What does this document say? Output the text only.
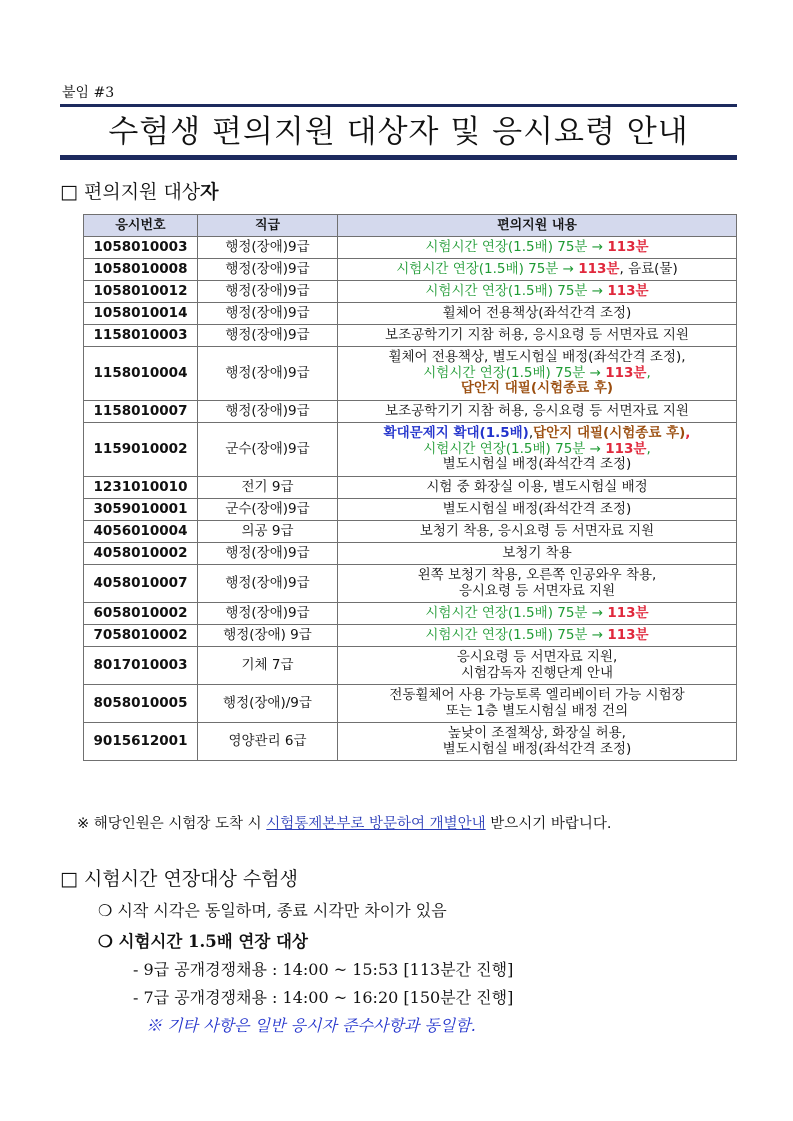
붙임 #3
수험생 편의지원 대상자 및 응시요령 안내
□ 편의지원 대상자
응시번호	직급	편의지원 내용
1058010003	행정(장애)9급	시험시간 연장(1.5배) 75분 → 113분

1058010008	행정(장애)9급	시험시간 연장(1.5배) 75분 → 113분, 음료(물)

1058010012	행정(장애)9급	시험시간 연장(1.5배) 75분 → 113분

1058010014	행정(장애)9급	휠체어 전용책상(좌석간격 조정)

1158010003	행정(장애)9급	보조공학기기 지참 허용, 응시요령 등 서면자료 지원

1158010004	행정(장애)9급	휠체어 전용책상, 별도시험실 배정(좌석간격 조정),
시험시간 연장(1.5배) 75분 → 113분,
답안지 대필(시험종료 후)

1158010007	행정(장애)9급	보조공학기기 지참 허용, 응시요령 등 서면자료 지원

1159010002	군수(장애)9급	확대문제지 확대(1.5배),답안지 대필(시험종료 후),
시험시간 연장(1.5배) 75분 → 113분,
별도시험실 배정(좌석간격 조정)

1231010010	전기 9급	시험 중 화장실 이용, 별도시험실 배정

3059010001	군수(장애)9급	별도시험실 배정(좌석간격 조정)

4056010004	의공 9급	보청기 착용, 응시요령 등 서면자료 지원

4058010002	행정(장애)9급	보청기 착용

4058010007	행정(장애)9급	왼쪽 보청기 착용, 오른쪽 인공와우 착용,
응시요령 등 서면자료 지원

6058010002	행정(장애)9급	시험시간 연장(1.5배) 75분 → 113분

7058010002	행정(장애) 9급	시험시간 연장(1.5배) 75분 → 113분

8017010003	기체 7급	응시요령 등 서면자료 지원,
시험감독자 진행단계 안내

8058010005	행정(장애)/9급	전동휠체어 사용 가능토록 엘리베이터 가능 시험장
또는 1층 별도시험실 배정 건의

9015612001	영양관리 6급	높낮이 조절책상, 화장실 허용,
별도시험실 배정(좌석간격 조정)
※ 해당인원은 시험장 도착 시 시험통제본부로 방문하여 개별안내 받으시기 바랍니다.
□ 시험시간 연장대상 수험생
❍ 시작 시각은 동일하며, 종료 시각만 차이가 있음
❍ 시험시간 1.5배 연장 대상
- 9급 공개경쟁채용 : 14:00 ~ 15:53 [113분간 진행]
- 7급 공개경쟁채용 : 14:00 ~ 16:20 [150분간 진행]
※ 기타 사항은 일반 응시자 준수사항과 동일함.
